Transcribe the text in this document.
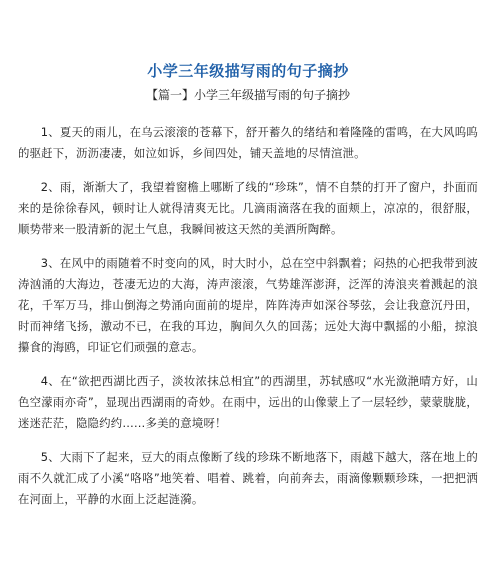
小学三年级描写雨的句子摘抄
【篇一】小学三年级描写雨的句子摘抄

1、夏天的雨儿，在乌云滚滚的苍幕下，舒开蓄久的绪结和着隆隆的雷鸣，在大风呜呜的驱赶下，沥沥凄凄，如泣如诉，乡间四处，铺天盖地的尽情渲泄。

2、雨，渐渐大了，我望着窗檐上哪断了线的“珍珠”，情不自禁的打开了窗户，扑面而来的是徐徐春风，顿时让人就得清爽无比。几滴雨滴落在我的面颊上，凉凉的，很舒服，顺势带来一股清新的泥土气息，我瞬间被这天然的美酒所陶醉。

3、在风中的雨随着不时变向的风，时大时小，总在空中斜飘着；闷热的心把我带到波涛汹涌的大海边，苍凄无边的大海，涛声滚滚，气势雄浑澎湃，泛浑的涛浪夹着溅起的浪花，千军万马，排山倒海之势涌向面前的堤岸，阵阵涛声如深谷琴弦，会让我意沉丹田，时而神绪飞扬，激动不已，在我的耳边，胸间久久的回荡；远处大海中飘摇的小船，掠浪攥食的海鸥，印证它们顽强的意志。

4、在“欲把西湖比西子，淡妆浓抹总相宜”的西湖里，苏轼感叹“水光潋滟晴方好，山色空濛雨亦奇”，显现出西湖雨的奇妙。在雨中，远出的山像蒙上了一层轻纱，蒙蒙胧胧，迷迷茫茫，隐隐约约……多美的意境呀！

5、大雨下了起来，豆大的雨点像断了线的珍珠不断地落下，雨越下越大，落在地上的雨不久就汇成了小溪“咯咯”地笑着、唱着、跳着，向前奔去，雨滴像颗颗珍珠，一把把洒在河面上，平静的水面上泛起涟漪。
